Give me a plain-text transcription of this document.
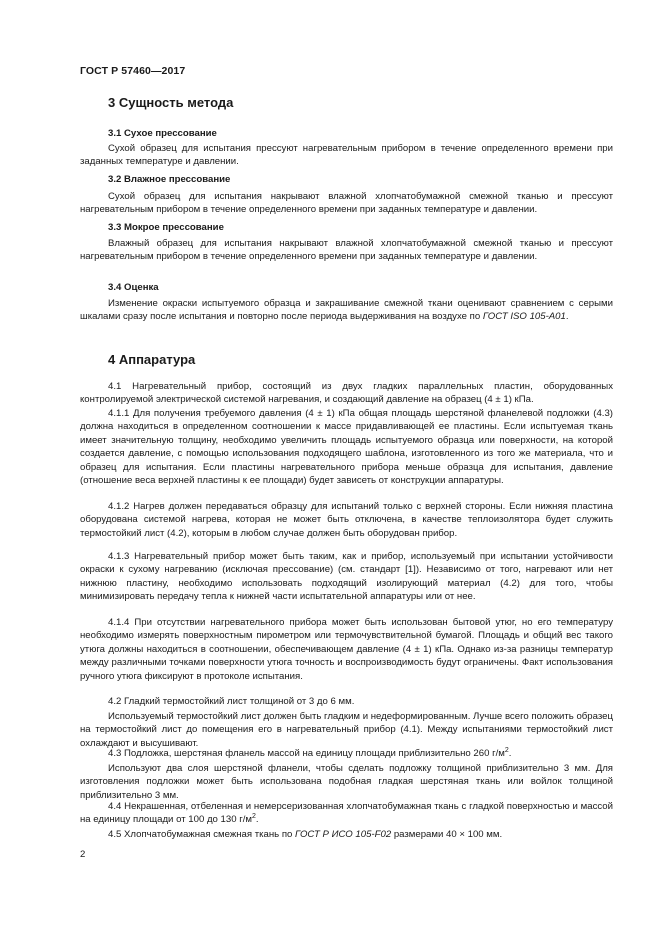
ГОСТ Р 57460—2017
3 Сущность метода
3.1 Сухое прессование
Сухой образец для испытания прессуют нагревательным прибором в течение определенного времени при заданных температуре и давлении.
3.2 Влажное прессование
Сухой образец для испытания накрывают влажной хлопчатобумажной смежной тканью и прессуют нагревательным прибором в течение определенного времени при заданных температуре и давлении.
3.3 Мокрое прессование
Влажный образец для испытания накрывают влажной хлопчатобумажной смежной тканью и прессуют нагревательным прибором в течение определенного времени при заданных температуре и давлении.
3.4 Оценка
Изменение окраски испытуемого образца и закрашивание смежной ткани оценивают сравнением с серыми шкалами сразу после испытания и повторно после периода выдерживания на воздухе по ГОСТ ISO 105-A01.
4 Аппаратура
4.1 Нагревательный прибор, состоящий из двух гладких параллельных пластин, оборудованных контролируемой электрической системой нагревания, и создающий давление на образец (4 ± 1) кПа.
4.1.1 Для получения требуемого давления (4 ± 1) кПа общая площадь шерстяной фланелевой подложки (4.3) должна находиться в определенном соотношении к массе придавливающей ее пластины. Если испытуемая ткань имеет значительную толщину, необходимо увеличить площадь испытуемого образца или поверхности, на которой создается давление, с помощью использования подходящего шаблона, изготовленного из того же материала, что и образец для испытания. Если пластины нагревательного прибора меньше образца для испытания, давление (отношение веса верхней пластины к ее площади) будет зависеть от конструкции аппаратуры.
4.1.2 Нагрев должен передаваться образцу для испытаний только с верхней стороны. Если нижняя пластина оборудована системой нагрева, которая не может быть отключена, в качестве теплоизолятора будет служить термостойкий лист (4.2), которым в любом случае должен быть оборудован прибор.
4.1.3 Нагревательный прибор может быть таким, как и прибор, используемый при испытании устойчивости окраски к сухому нагреванию (исключая прессование) (см. стандарт [1]). Независимо от того, нагревают или нет нижнюю пластину, необходимо использовать подходящий изолирующий материал (4.2) для того, чтобы минимизировать передачу тепла к нижней части испытательной аппаратуры или от нее.
4.1.4 При отсутствии нагревательного прибора может быть использован бытовой утюг, но его температуру необходимо измерять поверхностным пирометром или термочувствительной бумагой. Площадь и общий вес такого утюга должны находиться в соотношении, обеспечивающем давление (4 ± 1) кПа. Однако из-за разницы температур между различными точками поверхности утюга точность и воспроизводимость будут ограничены. Факт использования ручного утюга фиксируют в протоколе испытания.
4.2 Гладкий термостойкий лист толщиной от 3 до 6 мм.
Используемый термостойкий лист должен быть гладким и недеформированным. Лучше всего положить образец на термостойкий лист до помещения его в нагревательный прибор (4.1). Между испытаниями термостойкий лист охлаждают и высушивают.
4.3 Подложка, шерстяная фланель массой на единицу площади приблизительно 260 $г/м^2$.
Используют два слоя шерстяной фланели, чтобы сделать подложку толщиной приблизительно 3 мм. Для изготовления подложки может быть использована подобная гладкая шерстяная ткань или войлок толщиной приблизительно 3 мм.
4.4 Некрашенная, отбеленная и немерсеризованная хлопчатобумажная ткань с гладкой поверхностью и массой на единицу площади от 100 до 130 $г/м^2$.
4.5 Хлопчатобумажная смежная ткань по ГОСТ Р ИСО 105-F02 размерами 40 × 100 мм.
2
